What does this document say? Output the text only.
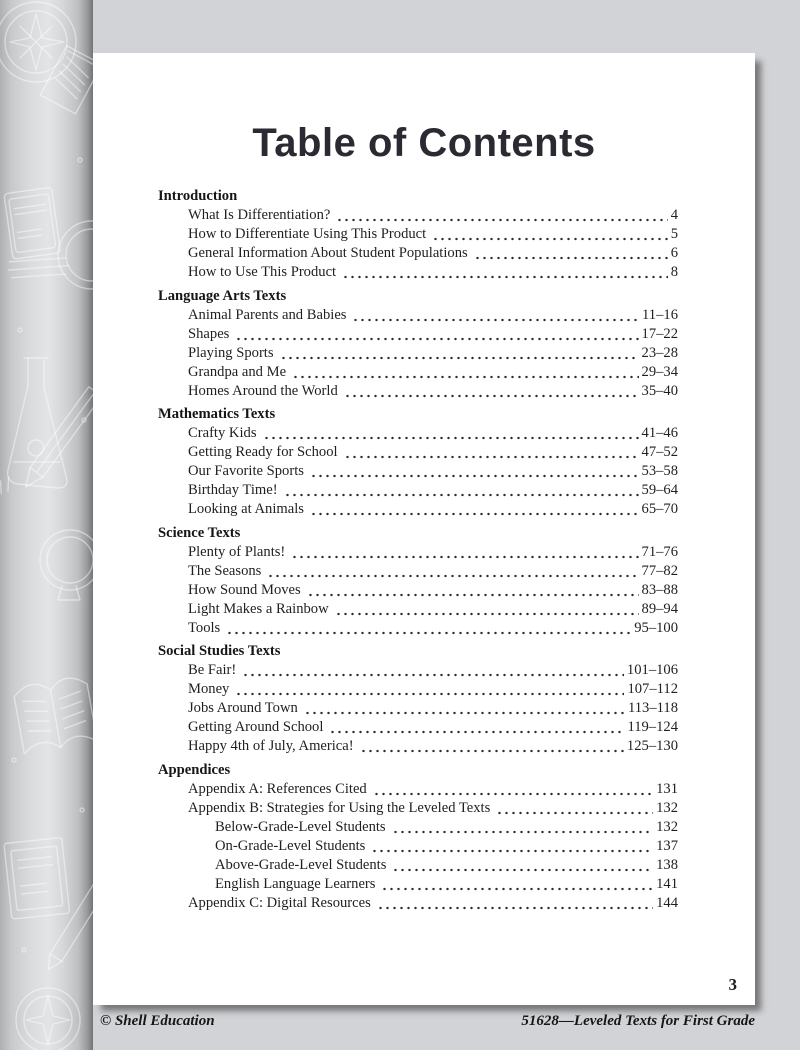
Table of Contents
Introduction
What Is Differentiation?	4
How to Differentiate Using This Product	5
General Information About Student Populations	6
How to Use This Product	8
Language Arts Texts
Animal Parents and Babies	11–16
Shapes	17–22
Playing Sports	23–28
Grandpa and Me	29–34
Homes Around the World	35–40
Mathematics Texts
Crafty Kids	41–46
Getting Ready for School	47–52
Our Favorite Sports	53–58
Birthday Time!	59–64
Looking at Animals	65–70
Science Texts
Plenty of Plants!	71–76
The Seasons	77–82
How Sound Moves	83–88
Light Makes a Rainbow	89–94
Tools	95–100
Social Studies Texts
Be Fair!	101–106
Money	107–112
Jobs Around Town	113–118
Getting Around School	119–124
Happy 4th of July, America!	125–130
Appendices
Appendix A: References Cited	131
Appendix B: Strategies for Using the Leveled Texts	132
Below-Grade-Level Students	132
On-Grade-Level Students	137
Above-Grade-Level Students	138
English Language Learners	141
Appendix C: Digital Resources	144
3
© Shell Education	51628—Leveled Texts for First Grade
